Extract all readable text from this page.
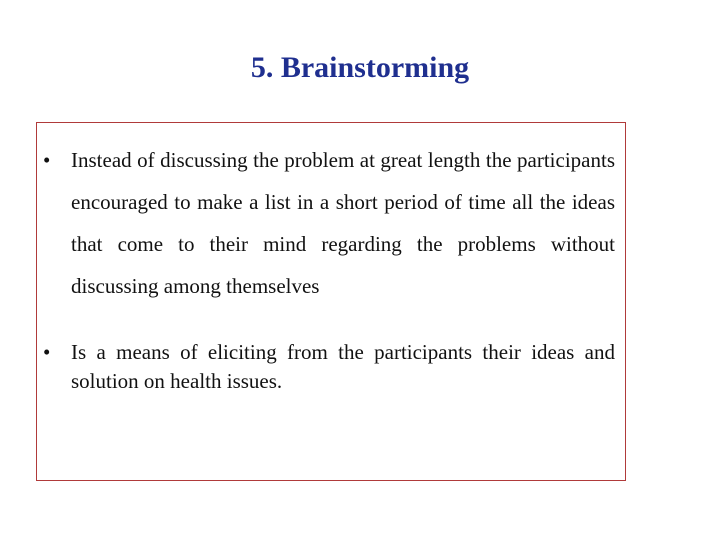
5. Brainstorming
• Instead of discussing the problem at great length the participants encouraged to make a list in a short period of time all the ideas that come to their mind regarding the problems without discussing among themselves
• Is a means of eliciting from the participants their ideas and solution on health issues.
